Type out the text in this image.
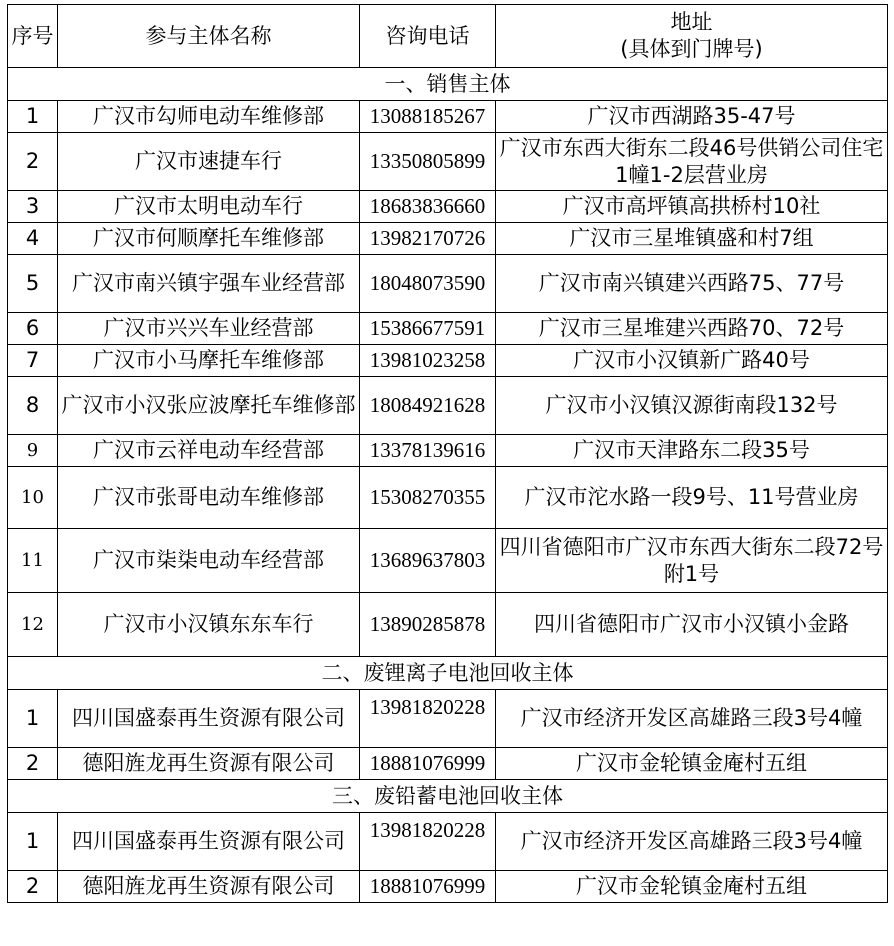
序号	参与主体名称	咨询电话	地址
(具体到门牌号)

一、销售主体			
1	广汉市勾师电动车维修部	13088185267	广汉市西湖路35-47号
2	广汉市速捷车行	13350805899	广汉市东西大街东二段46号供销公司住宅1幢1-2层营业房
3	广汉市太明电动车行	18683836660	广汉市高坪镇高拱桥村10社
4	广汉市何顺摩托车维修部	13982170726	广汉市三星堆镇盛和村7组
5	广汉市南兴镇宇强车业经营部	18048073590	广汉市南兴镇建兴西路75、77号
6	广汉市兴兴车业经营部	15386677591	广汉市三星堆建兴西路70、72号
7	广汉市小马摩托车维修部	13981023258	广汉市小汉镇新广路40号
8	广汉市小汉张应波摩托车维修部	18084921628	广汉市小汉镇汉源街南段132号
9	广汉市云祥电动车经营部	13378139616	广汉市天津路东二段35号
10	广汉市张哥电动车维修部	15308270355	广汉市沱水路一段9号、11号营业房
11	广汉市柒柒电动车经营部	13689637803	四川省德阳市广汉市东西大街东二段72号附1号
12	广汉市小汉镇东东车行	13890285878	四川省德阳市广汉市小汉镇小金路
二、废锂离子电池回收主体			
1	四川国盛泰再生资源有限公司	13981820228	广汉市经济开发区高雄路三段3号4幢
2	德阳旌龙再生资源有限公司	18881076999	广汉市金轮镇金庵村五组
三、废铅蓄电池回收主体			
1	四川国盛泰再生资源有限公司	13981820228	广汉市经济开发区高雄路三段3号4幢
2	德阳旌龙再生资源有限公司	18881076999	广汉市金轮镇金庵村五组
